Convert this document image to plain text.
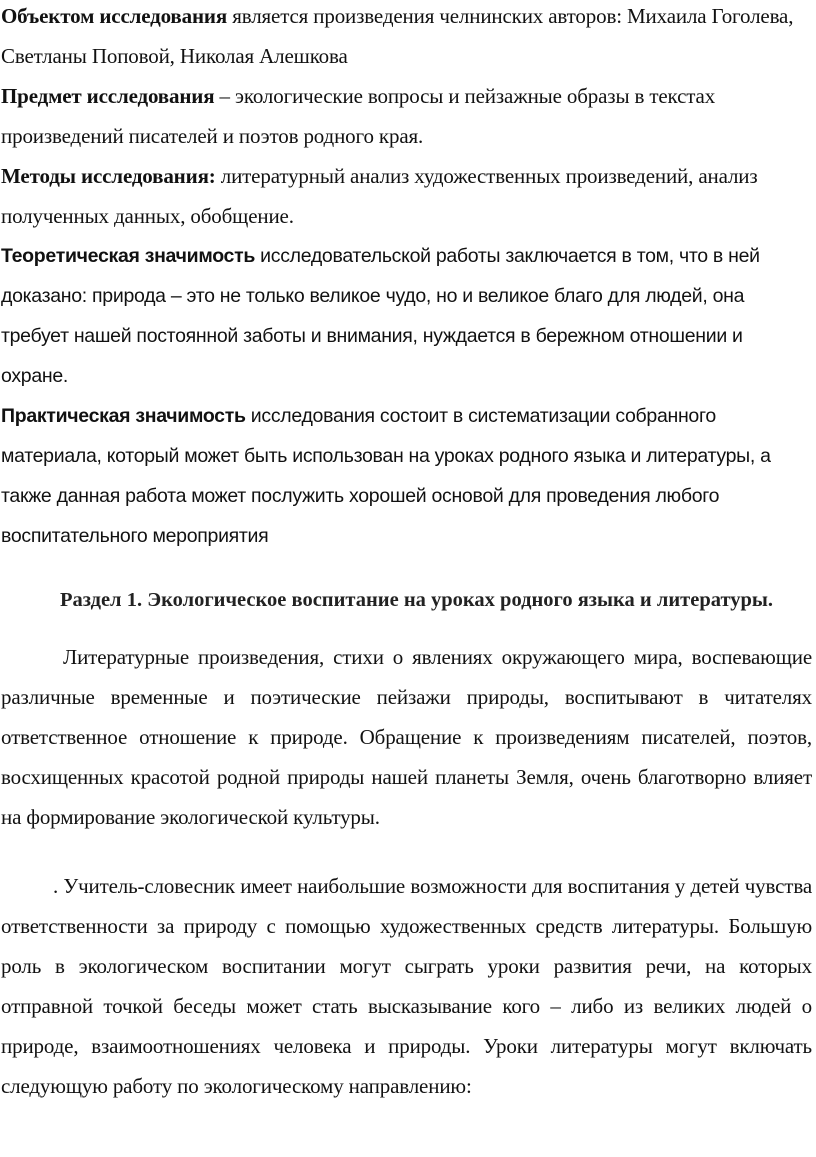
Объектом исследования является произведения челнинских авторов: Михаила Гоголева, Светланы Поповой, Николая Алешкова

Предмет исследования – экологические вопросы и пейзажные образы в текстах произведений писателей и поэтов родного края.

Методы исследования: литературный анализ художественных произведений, анализ полученных данных, обобщение.

Теоретическая значимость исследовательской работы заключается в том, что в ней доказано: природа – это не только великое чудо, но и великое благо для людей, она требует нашей постоянной заботы и внимания, нуждается в бережном отношении и охране.

Практическая значимость исследования состоит в систематизации собранного материала, который может быть использован на уроках родного языка и литературы, а также данная работа может послужить хорошей основой для проведения любого воспитательного мероприятия

Раздел 1. Экологическое воспитание на уроках родного языка и литературы.

Литературные произведения, стихи о явлениях окружающего мира, воспевающие различные временные и поэтические пейзажи природы, воспитывают в читателях ответственное отношение к природе. Обращение к произведениям писателей, поэтов, восхищенных красотой родной природы нашей планеты Земля, очень благотворно влияет на формирование экологической культуры.

. Учитель-словесник имеет наибольшие возможности для воспитания у детей чувства ответственности за природу с помощью художественных средств литературы. Большую роль в экологическом воспитании могут сыграть уроки развития речи, на которых отправной точкой беседы может стать высказывание кого – либо из великих людей о природе, взаимоотношениях человека и природы. Уроки литературы могут включать следующую работу по экологическому направлению:
